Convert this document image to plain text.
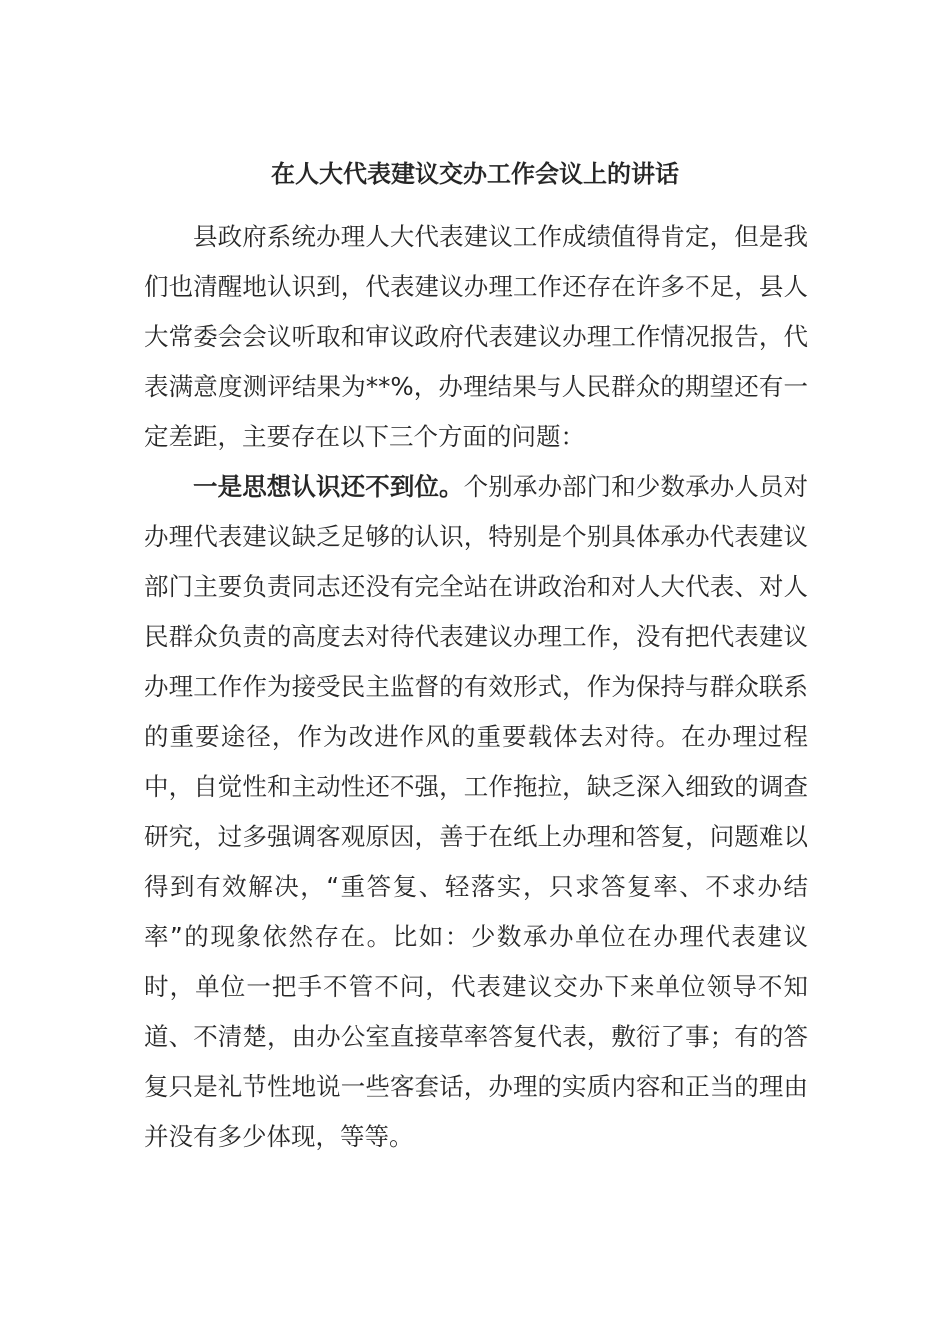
在人大代表建议交办工作会议上的讲话

县政府系统办理人大代表建议工作成绩值得肯定，但是我们也清醒地认识到，代表建议办理工作还存在许多不足，县人大常委会会议听取和审议政府代表建议办理工作情况报告，代表满意度测评结果为**%，办理结果与人民群众的期望还有一定差距，主要存在以下三个方面的问题：

一是思想认识还不到位。个别承办部门和少数承办人员对办理代表建议缺乏足够的认识，特别是个别具体承办代表建议部门主要负责同志还没有完全站在讲政治和对人大代表、对人民群众负责的高度去对待代表建议办理工作，没有把代表建议办理工作作为接受民主监督的有效形式，作为保持与群众联系的重要途径，作为改进作风的重要载体去对待。在办理过程中，自觉性和主动性还不强，工作拖拉，缺乏深入细致的调查研究，过多强调客观原因，善于在纸上办理和答复，问题难以得到有效解决，“重答复、轻落实，只求答复率、不求办结率”的现象依然存在。比如：少数承办单位在办理代表建议时，单位一把手不管不问，代表建议交办下来单位领导不知道、不清楚，由办公室直接草率答复代表，敷衍了事；有的答复只是礼节性地说一些客套话，办理的实质内容和正当的理由并没有多少体现，等等。
